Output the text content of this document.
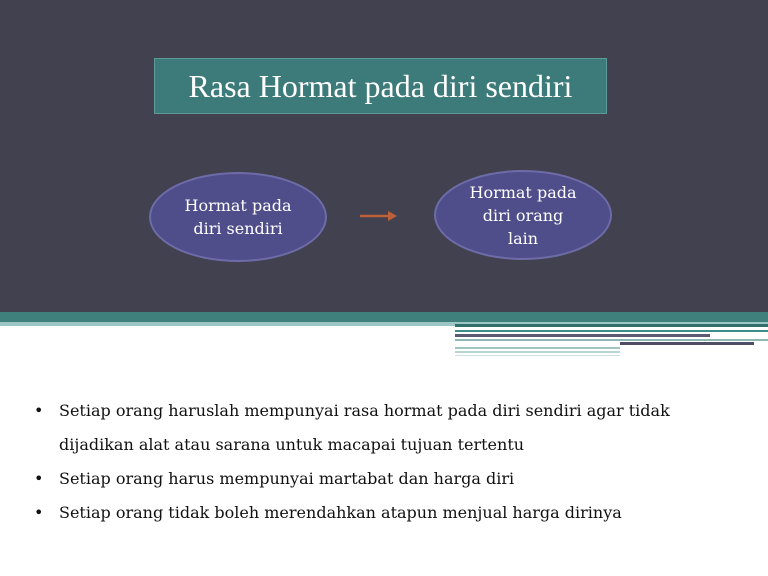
Rasa Hormat pada diri sendiri
Hormat pada diri sendiri
Hormat pada diri orang lain
• Setiap orang haruslah mempunyai rasa hormat pada diri sendiri agar tidak dijadikan alat atau sarana untuk macapai tujuan tertentu
• Setiap orang harus mempunyai martabat dan harga diri
• Setiap orang tidak boleh merendahkan atapun menjual harga dirinya
